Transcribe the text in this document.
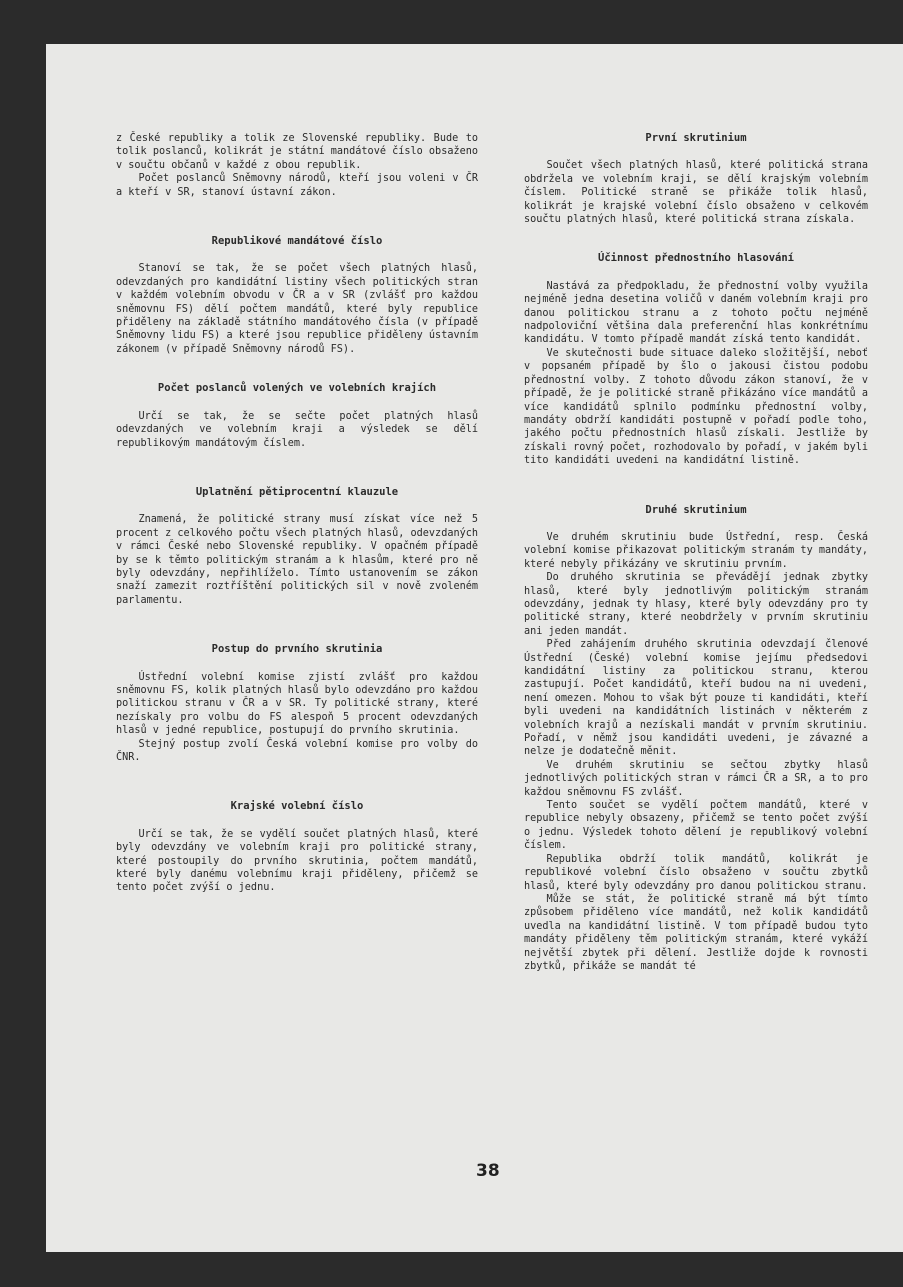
z České republiky a tolik ze Slovenské republiky. Bude to tolik poslanců, kolikrát je státní mandátové číslo obsaženo v součtu občanů v každé z obou republik.

Počet poslanců Sněmovny národů, kteří jsou voleni v ČR a kteří v SR, stanoví ústavní zákon.

Republikové mandátové číslo

Stanoví se tak, že se počet všech platných hlasů, odevzdaných pro kandidátní listiny všech politických stran v každém volebním obvodu v ČR a v SR (zvlášť pro každou sněmovnu FS) dělí počtem mandátů, které byly republice přiděleny na základě státního mandátového čísla (v případě Sněmovny lidu FS) a které jsou republice přiděleny ústavním zákonem (v případě Sněmovny národů FS).

Počet poslanců volených ve volebních krajích

Určí se tak, že se sečte počet platných hlasů odevzdaných ve volebním kraji a výsledek se dělí republikovým mandátovým číslem.

Uplatnění pětiprocentní klauzule

Znamená, že politické strany musí získat více než 5 procent z celkového počtu všech platných hlasů, odevzdaných v rámci České nebo Slovenské republiky. V opačném případě by se k těmto politickým stranám a k hlasům, které pro ně byly odevzdány, nepřihlíželo. Tímto ustanovením se zákon snaží zamezit roztříštění politických sil v nově zvoleném parlamentu.

Postup do prvního skrutinia

Ústřední volební komise zjistí zvlášť pro každou sněmovnu FS, kolik platných hlasů bylo odevzdáno pro každou politickou stranu v ČR a v SR. Ty politické strany, které nezískaly pro volbu do FS alespoň 5 procent odevzdaných hlasů v jedné republice, postupují do prvního skrutinia.

Stejný postup zvolí Česká volební komise pro volby do ČNR.

Krajské volební číslo

Určí se tak, že se vydělí součet platných hlasů, které byly odevzdány ve volebním kraji pro politické strany, které postoupily do prvního skrutinia, počtem mandátů, které byly danému volebnímu kraji přiděleny, přičemž se tento počet zvýší o jednu.

První skrutinium

Součet všech platných hlasů, které politická strana obdržela ve volebním kraji, se dělí krajským volebním číslem. Politické straně se přikáže tolik hlasů, kolikrát je krajské volební číslo obsaženo v celkovém součtu platných hlasů, které politická strana získala.

Účinnost přednostního hlasování

Nastává za předpokladu, že přednostní volby využila nejméně jedna desetina voličů v daném volebním kraji pro danou politickou stranu a z tohoto počtu nejméně nadpoloviční většina dala preferenční hlas konkrétnímu kandidátu. V tomto případě mandát získá tento kandidát.

Ve skutečnosti bude situace daleko složitější, neboť v popsaném případě by šlo o jakousi čistou podobu přednostní volby. Z tohoto důvodu zákon stanoví, že v případě, že je politické straně přikázáno více mandátů a více kandidátů splnilo podmínku přednostní volby, mandáty obdrží kandidáti postupně v pořadí podle toho, jakého počtu přednostních hlasů získali. Jestliže by získali rovný počet, rozhodovalo by pořadí, v jakém byli tito kandidáti uvedeni na kandidátní listině.

Druhé skrutinium

Ve druhém skrutiniu bude Ústřední, resp. Česká volební komise přikazovat politickým stranám ty mandáty, které nebyly přikázány ve skrutiniu prvním.

Do druhého skrutinia se převádějí jednak zbytky hlasů, které byly jednotlivým politickým stranám odevzdány, jednak ty hlasy, které byly odevzdány pro ty politické strany, které neobdržely v prvním skrutiniu ani jeden mandát.

Před zahájením druhého skrutinia odevzdají členové Ústřední (České) volební komise jejímu předsedovi kandidátní listiny za politickou stranu, kterou zastupují. Počet kandidátů, kteří budou na ni uvedeni, není omezen. Mohou to však být pouze ti kandidáti, kteří byli uvedeni na kandidátních listinách v některém z volebních krajů a nezískali mandát v prvním skrutiniu. Pořadí, v němž jsou kandidáti uvedeni, je závazné a nelze je dodatečně měnit.

Ve druhém skrutiniu se sečtou zbytky hlasů jednotlivých politických stran v rámci ČR a SR, a to pro každou sněmovnu FS zvlášť.

Tento součet se vydělí počtem mandátů, které v republice nebyly obsazeny, přičemž se tento počet zvýší o jednu. Výsledek tohoto dělení je republikový volební číslem.

Republika obdrží tolik mandátů, kolikrát je republikové volební číslo obsaženo v součtu zbytků hlasů, které byly odevzdány pro danou politickou stranu.

Může se stát, že politické straně má být tímto způsobem přiděleno více mandátů, než kolik kandidátů uvedla na kandidátní listině. V tom případě budou tyto mandáty přiděleny těm politickým stranám, které vykáží největší zbytek při dělení. Jestliže dojde k rovnosti zbytků, přikáže se mandát té

38
